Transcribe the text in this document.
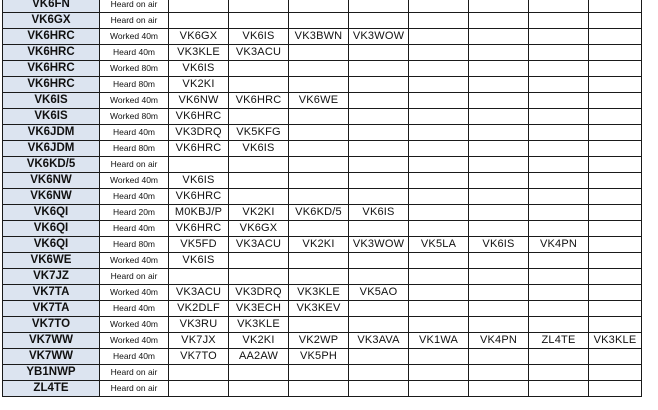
VK6FN	Heard on air								
VK6GX	Heard on air								
VK6HRC	Worked 40m	VK6GX	VK6IS	VK3BWN	VK3WOW				
VK6HRC	Heard 40m	VK3KLE	VK3ACU						
VK6HRC	Worked 80m	VK6IS							
VK6HRC	Heard 80m	VK2KI							
VK6IS	Worked 40m	VK6NW	VK6HRC	VK6WE					
VK6IS	Worked 80m	VK6HRC							
VK6JDM	Heard 40m	VK3DRQ	VK5KFG						
VK6JDM	Heard 80m	VK6HRC	VK6IS						
VK6KD/5	Heard on air								
VK6NW	Worked 40m	VK6IS							
VK6NW	Heard 40m	VK6HRC							
VK6QI	Heard 20m	M0KBJ/P	VK2KI	VK6KD/5	VK6IS				
VK6QI	Heard 40m	VK6HRC	VK6GX						
VK6QI	Heard 80m	VK5FD	VK3ACU	VK2KI	VK3WOW	VK5LA	VK6IS	VK4PN	
VK6WE	Worked 40m	VK6IS							
VK7JZ	Heard on air								
VK7TA	Worked 40m	VK3ACU	VK3DRQ	VK3KLE	VK5AO				
VK7TA	Heard 40m	VK2DLF	VK3ECH	VK3KEV					
VK7TO	Worked 40m	VK3RU	VK3KLE						
VK7WW	Worked 40m	VK7JX	VK2KI	VK2WP	VK3AVA	VK1WA	VK4PN	ZL4TE	VK3KLE
VK7WW	Heard 40m	VK7TO	AA2AW	VK5PH					
YB1NWP	Heard on air								
ZL4TE	Heard on air								
